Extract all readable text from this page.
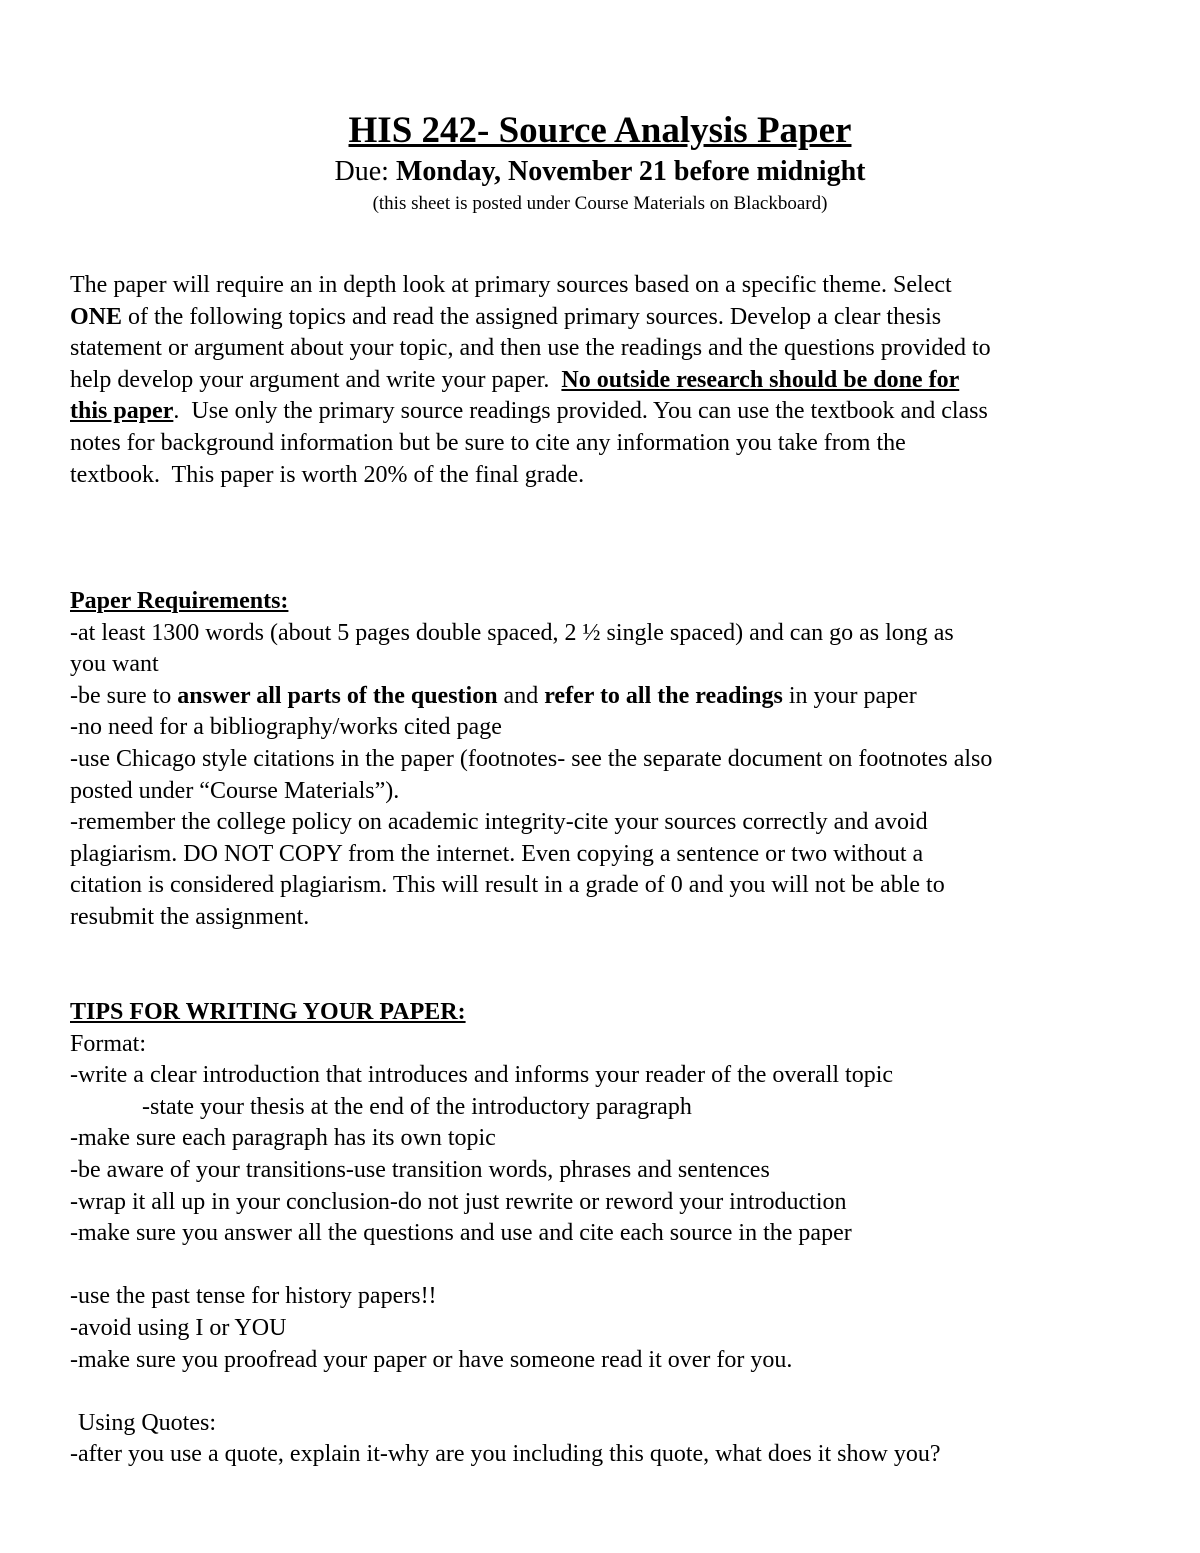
HIS 242- Source Analysis Paper
Due: Monday, November 21 before midnight
(this sheet is posted under Course Materials on Blackboard)
The paper will require an in depth look at primary sources based on a specific theme. Select
ONE of the following topics and read the assigned primary sources. Develop a clear thesis
statement or argument about your topic, and then use the readings and the questions provided to
help develop your argument and write your paper.  No outside research should be done for
this paper.  Use only the primary source readings provided. You can use the textbook and class
notes for background information but be sure to cite any information you take from the
textbook.  This paper is worth 20% of the final grade.
Paper Requirements:
-at least 1300 words (about 5 pages double spaced, 2 ½ single spaced) and can go as long as
you want
-be sure to answer all parts of the question and refer to all the readings in your paper
-no need for a bibliography/works cited page
-use Chicago style citations in the paper (footnotes- see the separate document on footnotes also
posted under “Course Materials”).
-remember the college policy on academic integrity-cite your sources correctly and avoid
plagiarism. DO NOT COPY from the internet. Even copying a sentence or two without a
citation is considered plagiarism. This will result in a grade of 0 and you will not be able to
resubmit the assignment.
TIPS FOR WRITING YOUR PAPER:
Format:
-write a clear introduction that introduces and informs your reader of the overall topic
-state your thesis at the end of the introductory paragraph
-make sure each paragraph has its own topic
-be aware of your transitions-use transition words, phrases and sentences
-wrap it all up in your conclusion-do not just rewrite or reword your introduction
-make sure you answer all the questions and use and cite each source in the paper
-use the past tense for history papers!!
-avoid using I or YOU
-make sure you proofread your paper or have someone read it over for you.
Using Quotes:
-after you use a quote, explain it-why are you including this quote, what does it show you?
